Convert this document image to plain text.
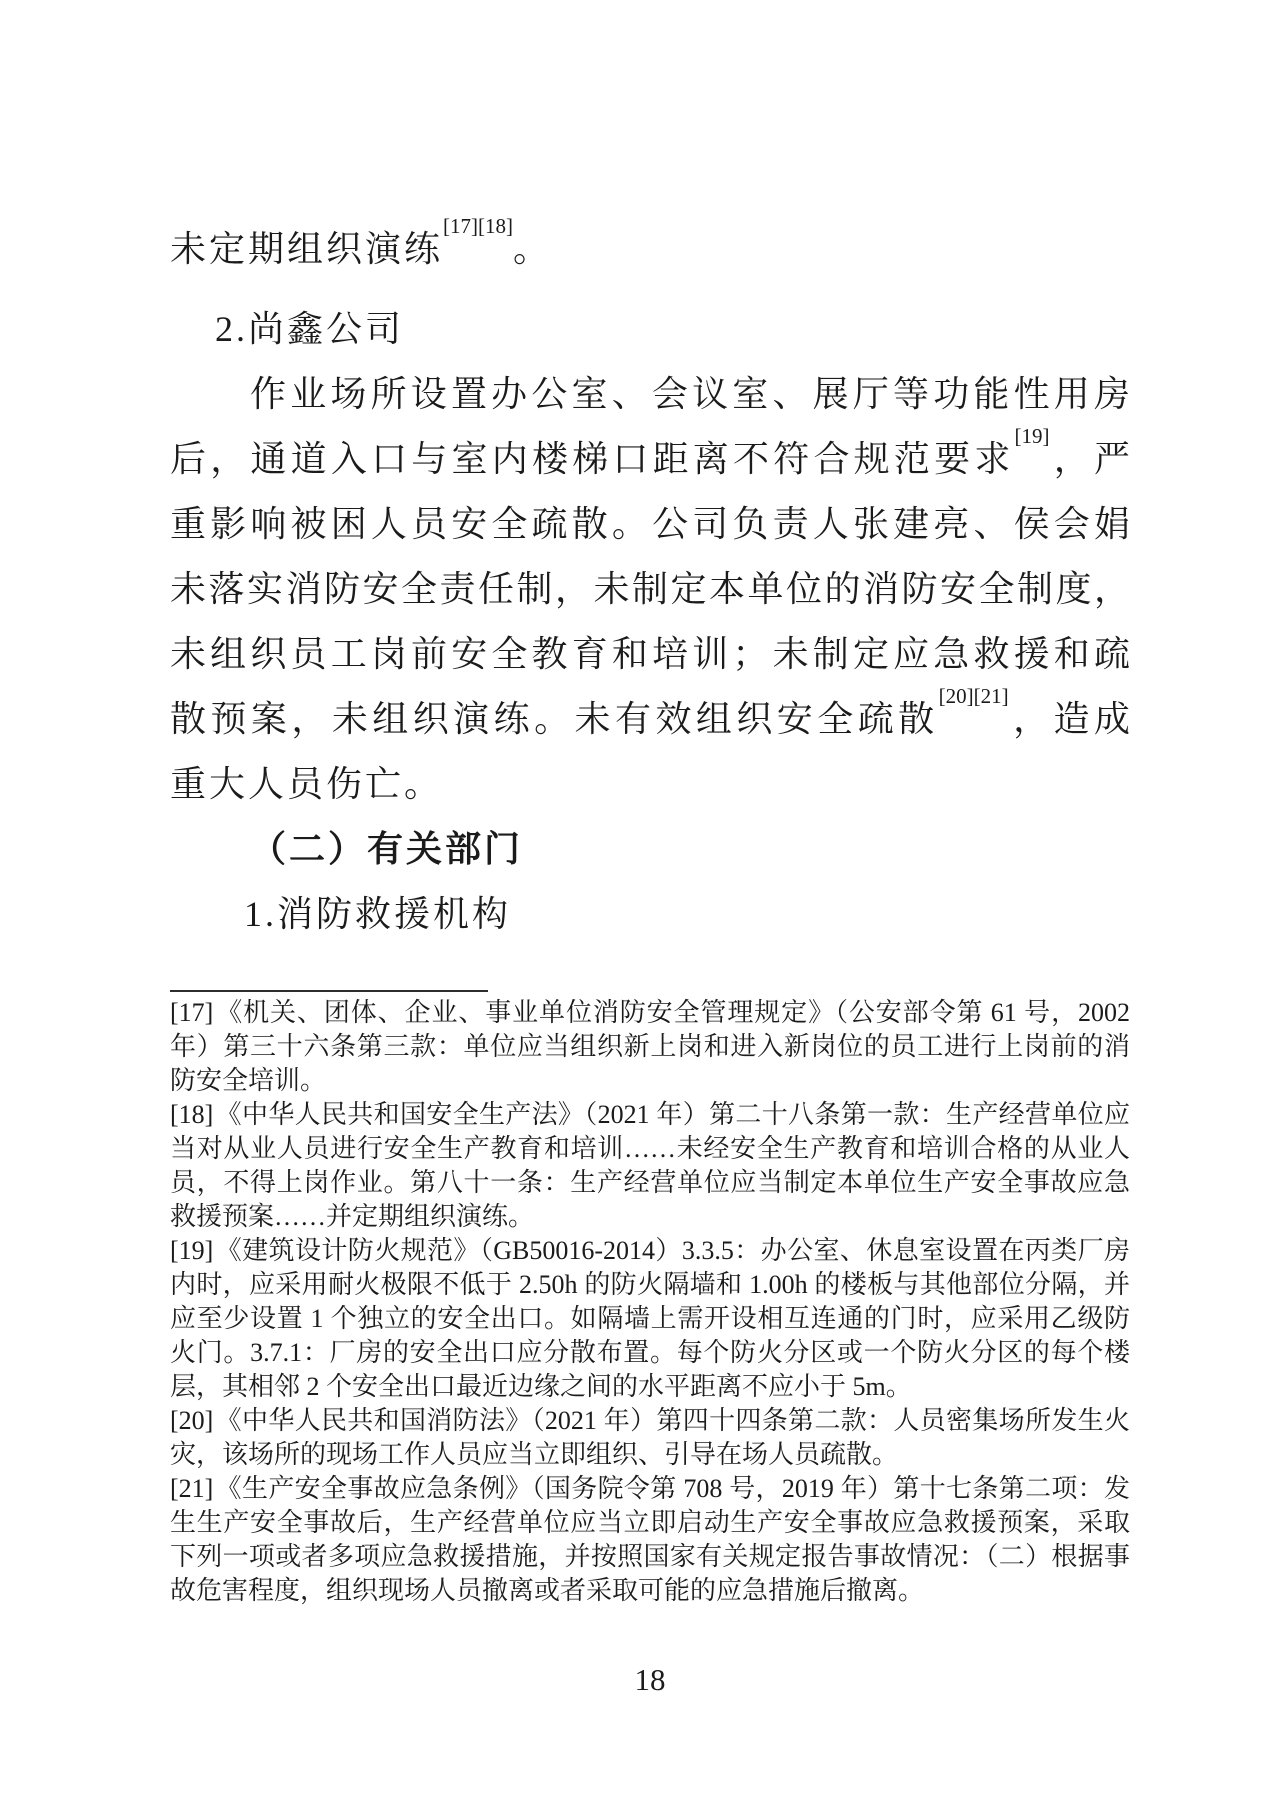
未定期组织演练[17][18]。
2.尚鑫公司
作业场所设置办公室、会议室、展厅等功能性用房
后，通道入口与室内楼梯口距离不符合规范要求[19]，严
重影响被困人员安全疏散。公司负责人张建亮、侯会娟
未落实消防安全责任制，未制定本单位的消防安全制度，
未组织员工岗前安全教育和培训；未制定应急救援和疏
散预案，未组织演练。未有效组织安全疏散[20][21]，造成
重大人员伤亡。
（二）有关部门
1.消防救援机构

[17]《机关、团体、企业、事业单位消防安全管理规定》（公安部令第 61 号，2002 年）第三十六条第三款：单位应当组织新上岗和进入新岗位的员工进行上岗前的消防安全培训。

[18]《中华人民共和国安全生产法》（2021 年）第二十八条第一款：生产经营单位应当对从业人员进行安全生产教育和培训……未经安全生产教育和培训合格的从业人员，不得上岗作业。第八十一条：生产经营单位应当制定本单位生产安全事故应急救援预案……并定期组织演练。

[19]《建筑设计防火规范》（GB50016-2014）3.3.5：办公室、休息室设置在丙类厂房内时，应采用耐火极限不低于 2.50h 的防火隔墙和 1.00h 的楼板与其他部位分隔，并应至少设置 1 个独立的安全出口。如隔墙上需开设相互连通的门时，应采用乙级防火门。3.7.1：厂房的安全出口应分散布置。每个防火分区或一个防火分区的每个楼层，其相邻 2 个安全出口最近边缘之间的水平距离不应小于 5m。

[20]《中华人民共和国消防法》（2021 年）第四十四条第二款：人员密集场所发生火灾，该场所的现场工作人员应当立即组织、引导在场人员疏散。

[21]《生产安全事故应急条例》（国务院令第 708 号，2019 年）第十七条第二项：发生生产安全事故后，生产经营单位应当立即启动生产安全事故应急救援预案，采取下列一项或者多项应急救援措施，并按照国家有关规定报告事故情况：（二）根据事故危害程度，组织现场人员撤离或者采取可能的应急措施后撤离。

18
